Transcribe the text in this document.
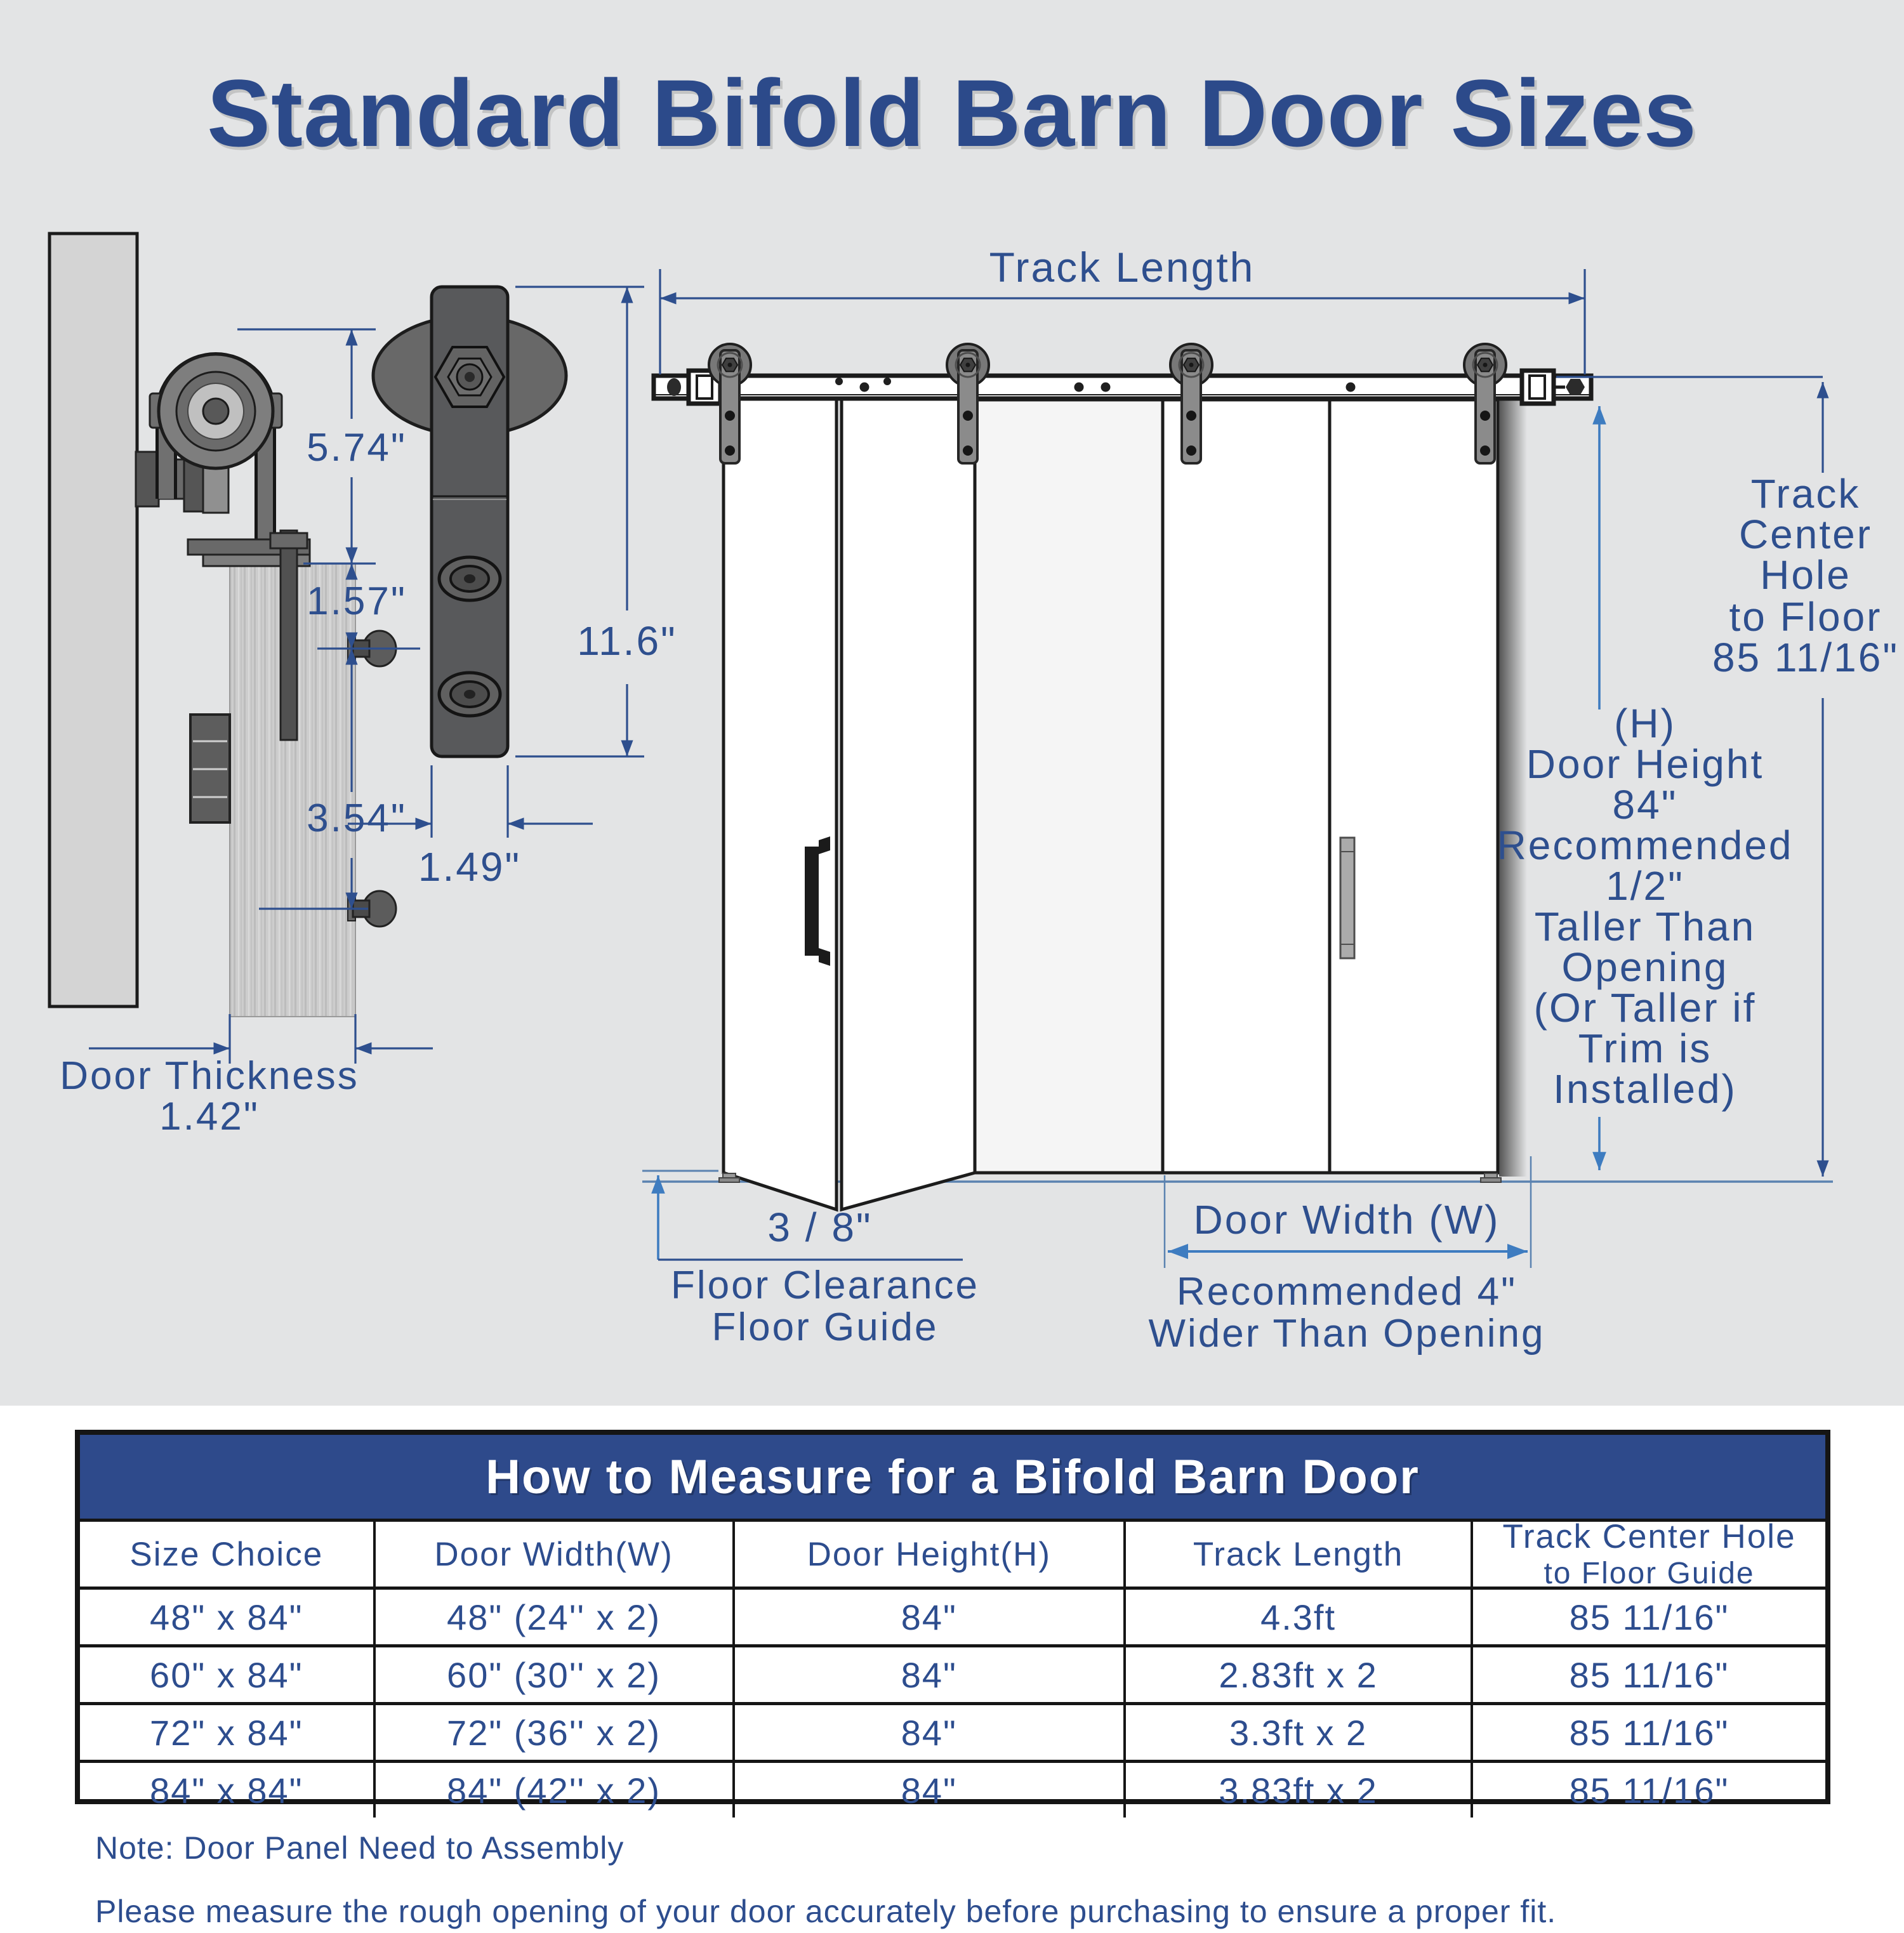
Standard Bifold Barn Door Sizes
5.74"
1.57"
3.54"
Door Thickness
1.42"
11.6"
1.49"
Track Length
Track
Center
Hole
to Floor
85 11/16"
(H)
Door Height
84"
Recommended
1/2"
Taller Than
Opening
(Or Taller if
Trim is
Installed)
3 / 8"
Floor Clearance
Floor Guide
Door Width (W)
Recommended 4"
Wider Than Opening
How to Measure for a Bifold Barn Door
Size Choice	Door Width(W)	Door Height(H)	Track Length	Track Center Hole
to Floor Guide
48" x 84"	48" (24'' x 2)	84"	4.3ft	85 11/16"
60" x 84"	60" (30'' x 2)	84"	2.83ft x 2	85 11/16"
72" x 84"	72" (36'' x 2)	84"	3.3ft x 2	85 11/16"
84" x 84"	84" (42'' x 2)	84"	3.83ft x 2	85 11/16"
Note: Door Panel Need to Assembly
Please measure the rough opening of your door accurately before purchasing to ensure a proper fit.
